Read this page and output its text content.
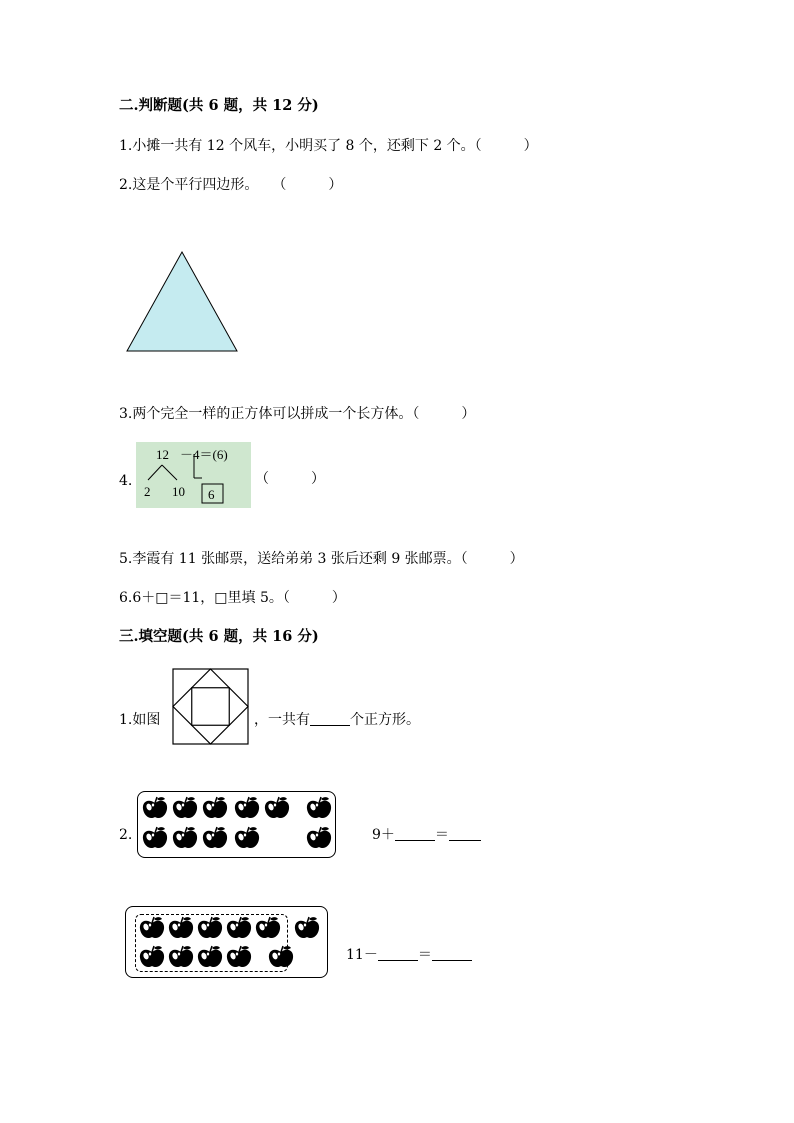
二.判断题(共 6 题，共 12 分)
1.小摊一共有 12 个风车，小明买了 8 个，还剩下 2 个。（　　　）
2.这是个平行四边形。　　（　　　）
3.两个完全一样的正方体可以拼成一个长方体。（　　　）
4.
12 －4＝(6)
2 10 6
（　　　）
5.李霞有 11 张邮票，送给弟弟 3 张后还剩 9 张邮票。（　　　）
6.6＋□＝11，□里填 5。（　　　）
三.填空题(共 6 题，共 16 分)
1.如图	，一共有	个正方形。
2.	9＋	＝
11－	＝
